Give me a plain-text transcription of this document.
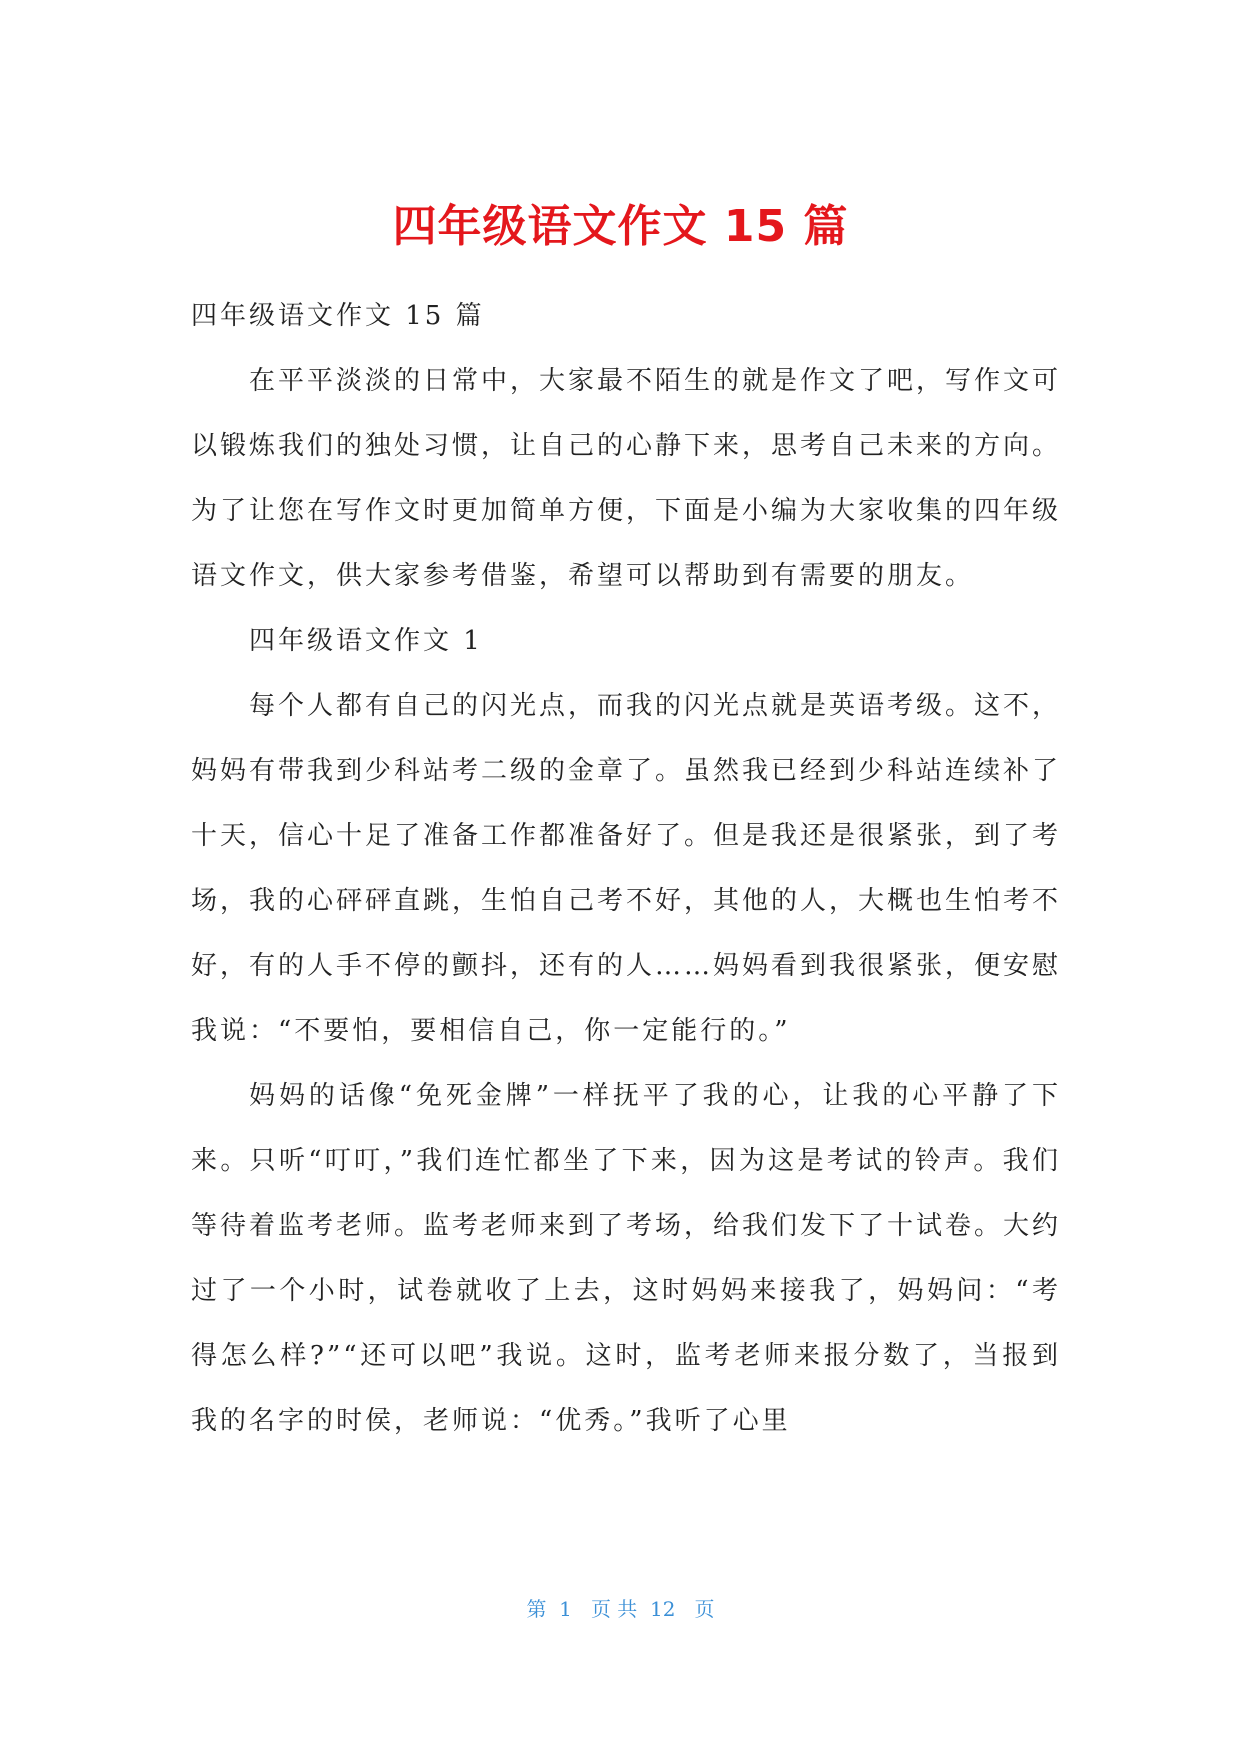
四年级语文作文 15 篇

四年级语文作文 15 篇

在平平淡淡的日常中，大家最不陌生的就是作文了吧，写作文可以锻炼我们的独处习惯，让自己的心静下来，思考自己未来的方向。为了让您在写作文时更加简单方便，下面是小编为大家收集的四年级语文作文，供大家参考借鉴，希望可以帮助到有需要的朋友。

四年级语文作文 1

每个人都有自己的闪光点，而我的闪光点就是英语考级。这不，妈妈有带我到少科站考二级的金章了。虽然我已经到少科站连续补了十天，信心十足了准备工作都准备好了。但是我还是很紧张，到了考场，我的心砰砰直跳，生怕自己考不好，其他的人，大概也生怕考不好，有的人手不停的颤抖，还有的人……妈妈看到我很紧张，便安慰我说：“不要怕，要相信自己，你一定能行的。”

妈妈的话像“免死金牌”一样抚平了我的心，让我的心平静了下来。只听“叮叮，”我们连忙都坐了下来，因为这是考试的铃声。我们等待着监考老师。监考老师来到了考场，给我们发下了十试卷。大约过了一个小时，试卷就收了上去，这时妈妈来接我了，妈妈问：“考得怎么样?”“还可以吧”我说。这时，监考老师来报分数了，当报到我的名字的时侯，老师说：“优秀。”我听了心里

第  1   页 共  12   页
